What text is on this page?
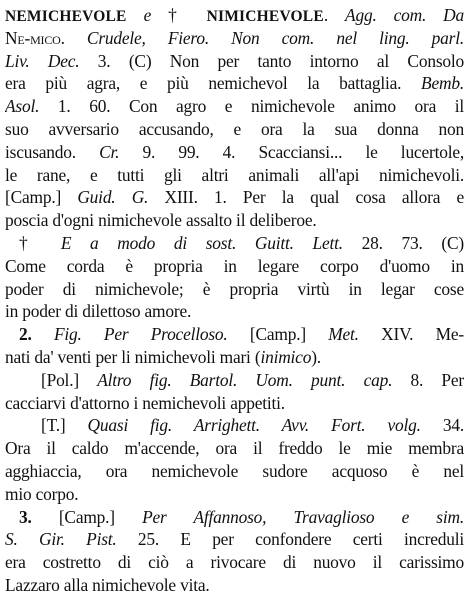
NEMICHEVOLE e † NIMICHEVOLE. Agg. com. Da
Ne-mico. Crudele, Fiero. Non com. nel ling. parl.
Liv. Dec. 3. (C) Non per tanto intorno al Consolo
era più agra, e più nemichevol la battaglia. Bemb.
Asol. 1. 60. Con agro e nimichevole animo ora il
suo avversario accusando, e ora la sua donna non
iscusando. Cr. 9. 99. 4. Scacciansi... le lucertole,
le rane, e tutti gli altri animali all'api nimichevoli.
[Camp.] Guid. G. XIII. 1. Per la qual cosa allora e
poscia d'ogni nimichevole assalto il deliberoe.
† E a modo di sost. Guitt. Lett. 28. 73. (C)
Come corda è propria in legare corpo d'uomo in
poder di nimichevole; è propria virtù in legar cose
in poder di dilettoso amore.
2. Fig. Per Procelloso. [Camp.] Met. XIV. Me-
nati da' venti per li nimichevoli mari (inimico).
[Pol.] Altro fig. Bartol. Uom. punt. cap. 8. Per
cacciarvi d'attorno i nemichevoli appetiti.
[T.] Quasi fig. Arrighett. Avv. Fort. volg. 34.
Ora il caldo m'accende, ora il freddo le mie membra
agghiaccia, ora nemichevole sudore acquoso è nel
mio corpo.
3. [Camp.] Per Affannoso, Travaglioso e sim.
S. Gir. Pist. 25. E per confondere certi increduli
era costretto di ciò a rivocare di nuovo il carissimo
Lazzaro alla nimichevole vita.
